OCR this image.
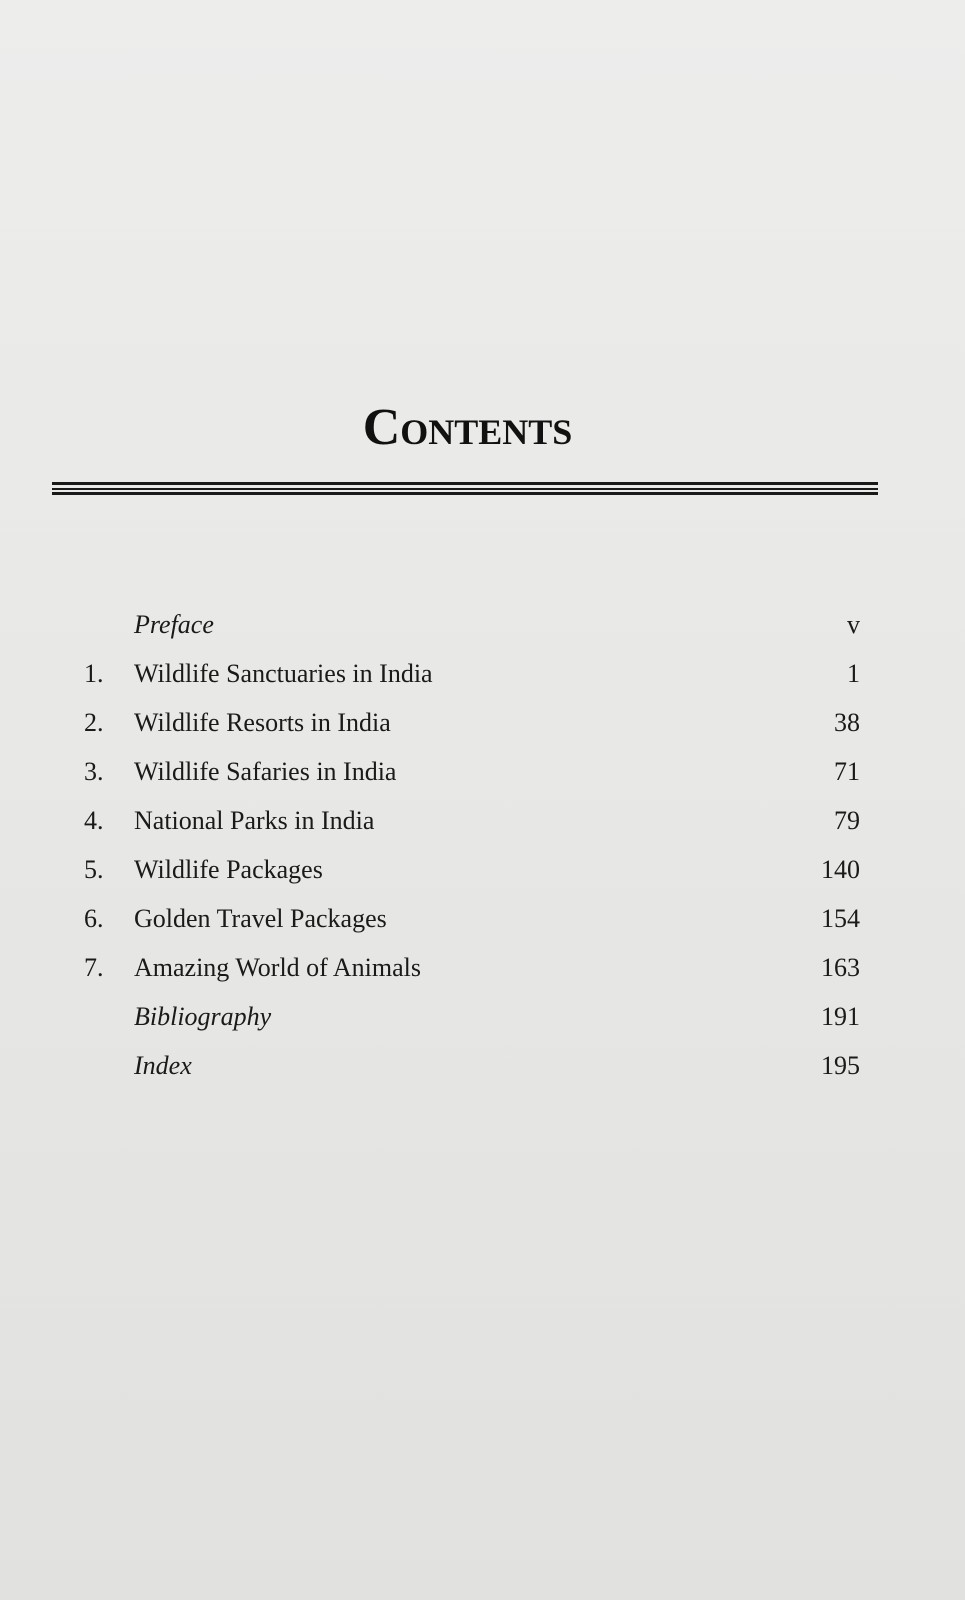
Contents
Preface	v
1.	Wildlife Sanctuaries in India	1
2.	Wildlife Resorts in India	38
3.	Wildlife Safaries in India	71
4.	National Parks in India	79
5.	Wildlife Packages	140
6.	Golden Travel Packages	154
7.	Amazing World of Animals	163
Bibliography	191
Index	195
